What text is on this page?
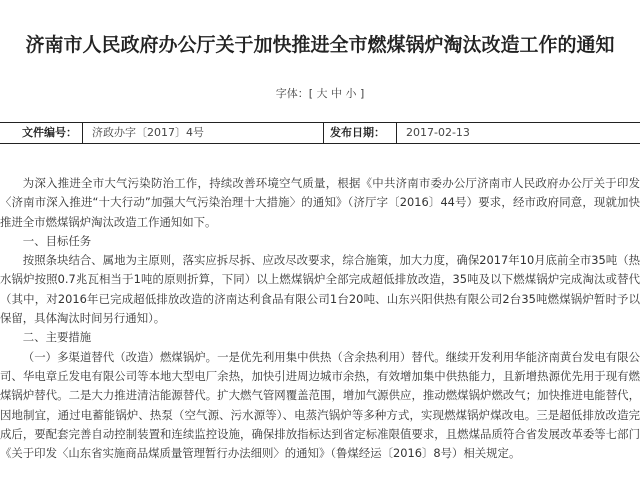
济南市人民政府办公厅关于加快推进全市燃煤锅炉淘汰改造工作的通知
字体：[ 大 中 小 ]
文件编号： 济政办字〔2017〕4号	发布日期： 2017-02-13

为深入推进全市大气污染防治工作，持续改善环境空气质量，根据《中共济南市委办公厅济南市人民政府办公厅关于印发〈济南市深入推进“十大行动”加强大气污染治理十大措施〉的通知》（济厅字〔2016〕44号）要求，经市政府同意，现就加快推进全市燃煤锅炉淘汰改造工作通知如下。

一、目标任务

按照条块结合、属地为主原则，落实应拆尽拆、应改尽改要求，综合施策，加大力度，确保2017年10月底前全市35吨（热水锅炉按照0.7兆瓦相当于1吨的原则折算，下同）以上燃煤锅炉全部完成超低排放改造，35吨及以下燃煤锅炉完成淘汰或替代（其中，对2016年已完成超低排放改造的济南达利食品有限公司1台20吨、山东兴阳供热有限公司2台35吨燃煤锅炉暂时予以保留，具体淘汰时间另行通知）。

二、主要措施

（一）多渠道替代（改造）燃煤锅炉。一是优先利用集中供热（含余热利用）替代。继续开发利用华能济南黄台发电有限公司、华电章丘发电有限公司等本地大型电厂余热，加快引进周边城市余热，有效增加集中供热能力，且新增热源优先用于现有燃煤锅炉替代。二是大力推进清洁能源替代。扩大燃气管网覆盖范围，增加气源供应，推动燃煤锅炉燃改气；加快推进电能替代，因地制宜，通过电蓄能锅炉、热泵（空气源、污水源等）、电蒸汽锅炉等多种方式，实现燃煤锅炉煤改电。三是超低排放改造完成后，要配套完善自动控制装置和连续监控设施，确保排放指标达到省定标准限值要求，且燃煤品质符合省发展改革委等七部门《关于印发〈山东省实施商品煤质量管理暂行办法细则〉的通知》（鲁煤经运〔2016〕8号）相关规定。
